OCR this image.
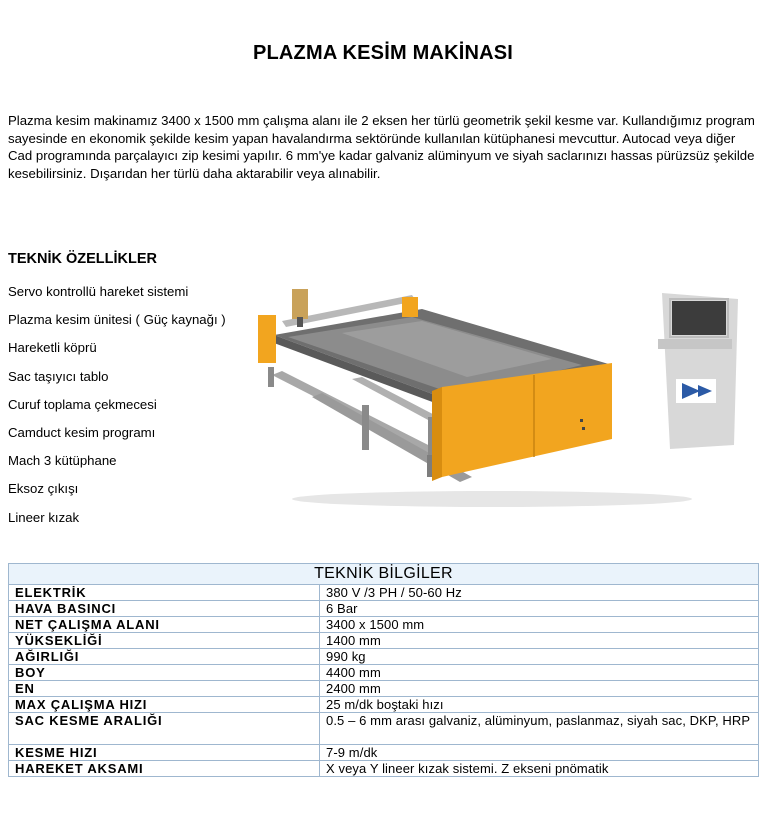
PLAZMA KESİM MAKİNASI
Plazma kesim makinamız 3400 x 1500 mm çalışma alanı ile 2 eksen her türlü geometrik şekil kesme var. Kullandığımız program sayesinde en ekonomik şekilde kesim yapan havalandırma sektöründe kullanılan kütüphanesi mevcuttur. Autocad veya diğer Cad programında parçalayıcı zip kesimi yapılır. 6 mm'ye kadar galvaniz alüminyum ve siyah saclarınızı hassas pürüzsüz şekilde kesebilirsiniz. Dışarıdan her türlü daha aktarabilir veya alınabilir.
TEKNİK ÖZELLİKLER
Servo kontrollü hareket sistemi
Plazma kesim ünitesi ( Güç kaynağı )
Hareketli köprü
Sac taşıyıcı tablo
Curuf toplama çekmecesi
Camduct kesim programı
Mach 3 kütüphane
Eksoz çıkışı
Lineer kızak
TEKNİK BİLGİLER	
ELEKTRİK	380 V /3 PH / 50-60 Hz
HAVA BASINCI	6 Bar
NET ÇALIŞMA ALANI	3400 x 1500 mm
YÜKSEKLİĞİ	1400 mm
AĞIRLIĞI	990 kg
BOY	4400 mm
EN	2400 mm
MAX ÇALIŞMA HIZI	25 m/dk boştaki hızı
SAC KESME ARALIĞI	0.5 – 6 mm arası galvaniz, alüminyum, paslanmaz, siyah sac, DKP, HRP
KESME HIZI	7-9 m/dk
HAREKET AKSAMI	X veya Y lineer kızak sistemi. Z ekseni pnömatik
